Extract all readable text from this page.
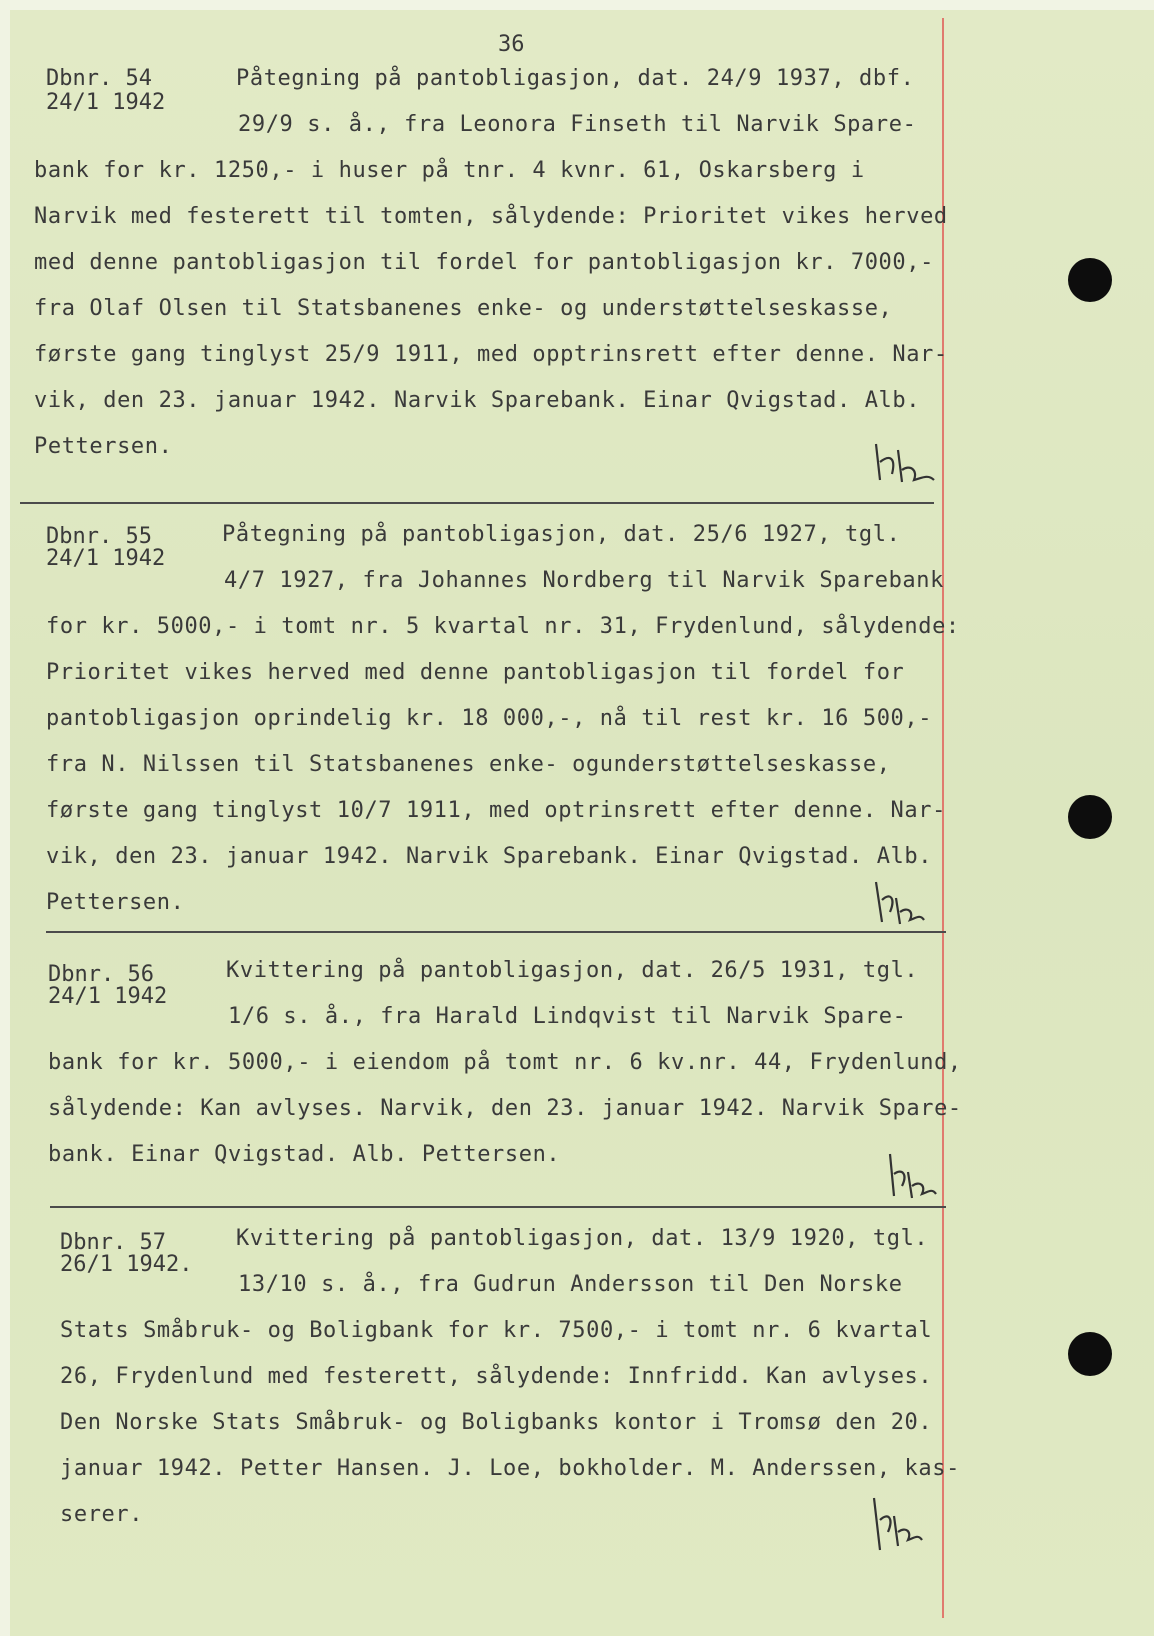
36
Dbnr. 54
24/1 1942
Påtegning på pantobligasjon, dat. 24/9 1937, dbf.
29/9 s. å., fra Leonora Finseth til Narvik Spare-
bank for kr. 1250,- i huser på tnr. 4 kvnr. 61, Oskarsberg i
Narvik med festerett til tomten, sålydende: Prioritet vikes herved
med denne pantobligasjon til fordel for pantobligasjon kr. 7000,-
fra Olaf Olsen til Statsbanenes enke- og understøttelseskasse,
første gang tinglyst 25/9 1911, med opptrinsrett efter denne. Nar-
vik, den 23. januar 1942. Narvik Sparebank. Einar Qvigstad. Alb.
Pettersen.
Dbnr. 55
24/1 1942
Påtegning på pantobligasjon, dat. 25/6 1927, tgl.
4/7 1927, fra Johannes Nordberg til Narvik Sparebank
for kr. 5000,- i tomt nr. 5 kvartal nr. 31, Frydenlund, sålydende:
Prioritet vikes herved med denne pantobligasjon til fordel for
pantobligasjon oprindelig kr. 18 000,-, nå til rest kr. 16 500,-
fra N. Nilssen til Statsbanenes enke- ogunderstøttelseskasse,
første gang tinglyst 10/7 1911, med optrinsrett efter denne. Nar-
vik, den 23. januar 1942. Narvik Sparebank. Einar Qvigstad. Alb.
Pettersen.
Dbnr. 56
24/1 1942
Kvittering på pantobligasjon, dat. 26/5 1931, tgl.
1/6 s. å., fra Harald Lindqvist til Narvik Spare-
bank for kr. 5000,- i eiendom på tomt nr. 6 kv.nr. 44, Frydenlund,
sålydende: Kan avlyses. Narvik, den 23. januar 1942. Narvik Spare-
bank. Einar Qvigstad. Alb. Pettersen.
Dbnr. 57
26/1 1942.
Kvittering på pantobligasjon, dat. 13/9 1920, tgl.
13/10 s. å., fra Gudrun Andersson til Den Norske
Stats Småbruk- og Boligbank for kr. 7500,- i tomt nr. 6 kvartal
26, Frydenlund med festerett, sålydende: Innfridd. Kan avlyses.
Den Norske Stats Småbruk- og Boligbanks kontor i Tromsø den 20.
januar 1942. Petter Hansen. J. Loe, bokholder. M. Anderssen, kas-
serer.
